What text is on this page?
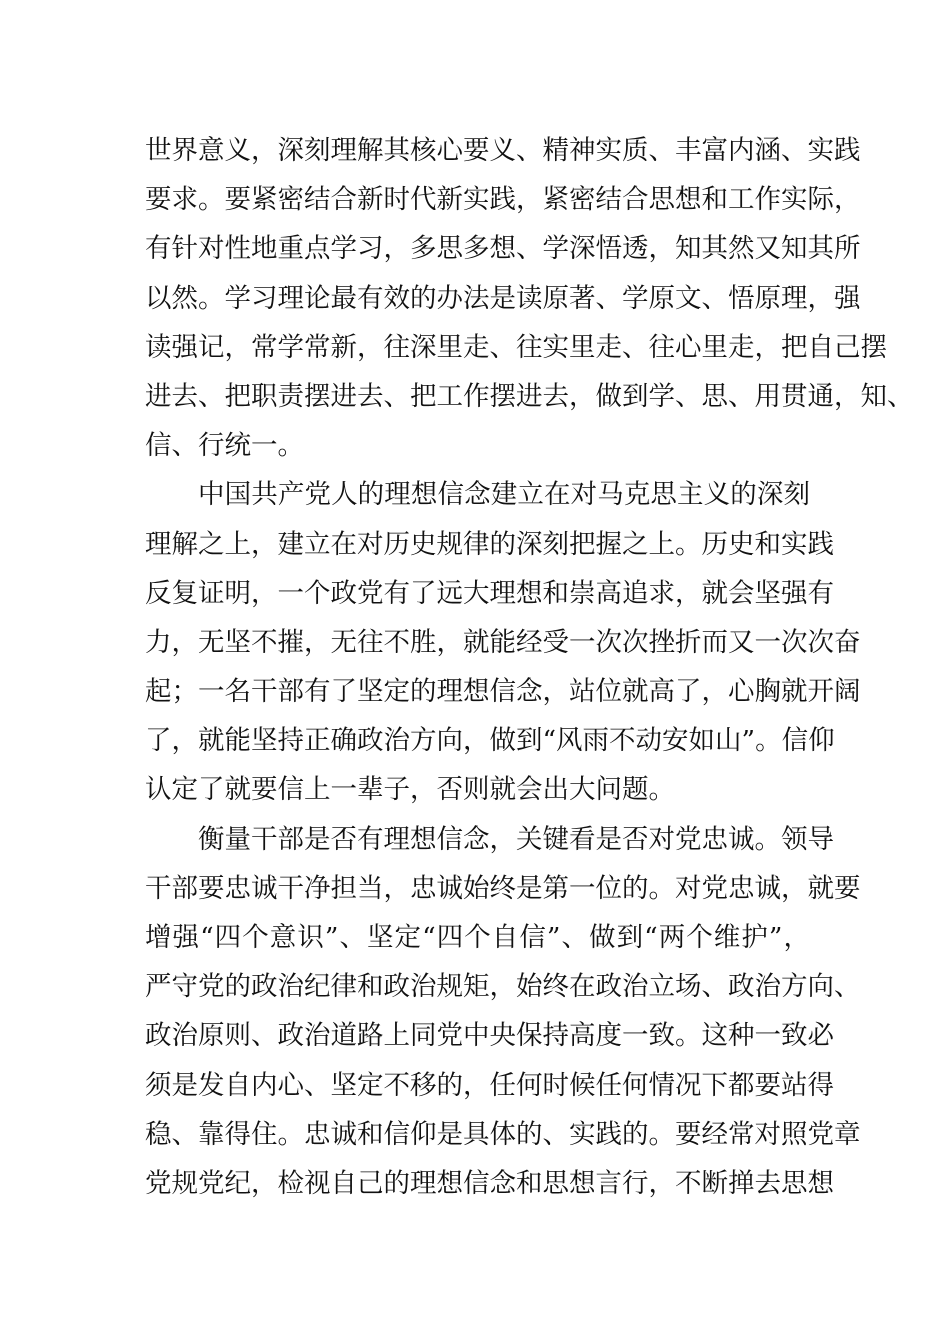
世界意义，深刻理解其核心要义、精神实质、丰富内涵、实践
要求。要紧密结合新时代新实践，紧密结合思想和工作实际，
有针对性地重点学习，多思多想、学深悟透，知其然又知其所
以然。学习理论最有效的办法是读原著、学原文、悟原理，强
读强记，常学常新，往深里走、往实里走、往心里走，把自己摆
进去、把职责摆进去、把工作摆进去，做到学、思、用贯通，知、
信、行统一。
中国共产党人的理想信念建立在对马克思主义的深刻
理解之上，建立在对历史规律的深刻把握之上。历史和实践
反复证明，一个政党有了远大理想和崇高追求，就会坚强有
力，无坚不摧，无往不胜，就能经受一次次挫折而又一次次奋
起；一名干部有了坚定的理想信念，站位就高了，心胸就开阔
了，就能坚持正确政治方向，做到“风雨不动安如山”。信仰
认定了就要信上一辈子，否则就会出大问题。
衡量干部是否有理想信念，关键看是否对党忠诚。领导
干部要忠诚干净担当，忠诚始终是第一位的。对党忠诚，就要
增强“四个意识”、坚定“四个自信”、做到“两个维护”，
严守党的政治纪律和政治规矩，始终在政治立场、政治方向、
政治原则、政治道路上同党中央保持高度一致。这种一致必
须是发自内心、坚定不移的，任何时候任何情况下都要站得
稳、靠得住。忠诚和信仰是具体的、实践的。要经常对照党章
党规党纪，检视自己的理想信念和思想言行，不断掸去思想
